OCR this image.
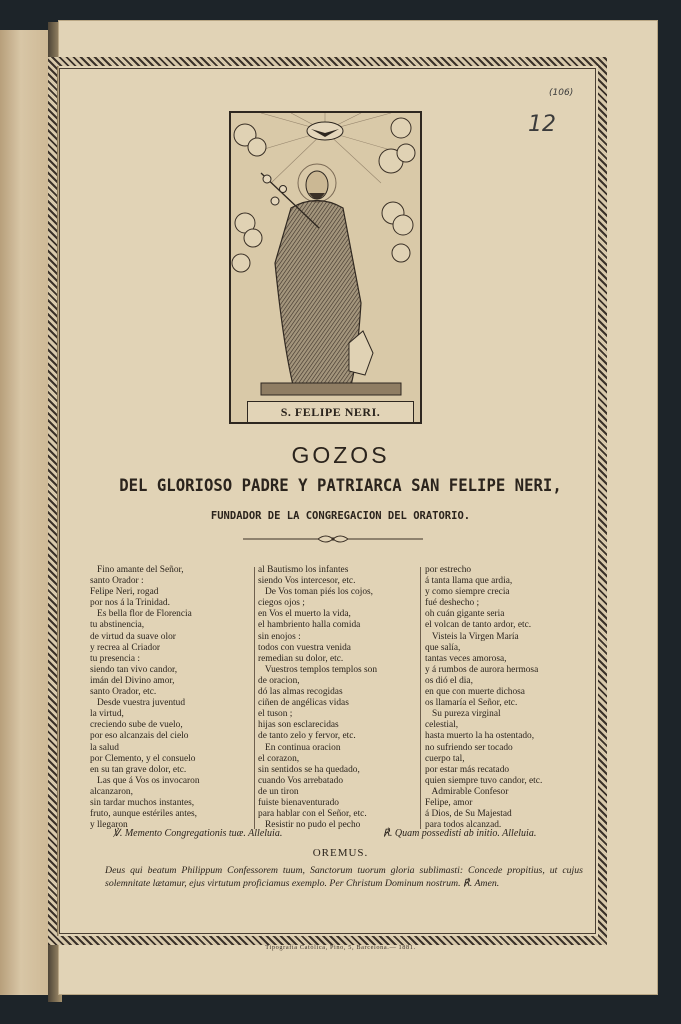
(106)
12
S. FELIPE NERI.
GOZOS
DEL GLORIOSO PADRE Y PATRIARCA SAN FELIPE NERI,
FUNDADOR DE LA CONGREGACION DEL ORATORIO.
Fino amante del Señor,
santo Orador :
Felipe Neri, rogad
por nos á la Trinidad.
Es bella flor de Florencia
tu abstinencia,
de virtud da suave olor
y recrea al Criador
tu presencia :
siendo tan vivo candor,
imán del Divino amor,
santo Orador, etc.
Desde vuestra juventud
la virtud,
creciendo sube de vuelo,
por eso alcanzais del cielo
la salud
por Clemento, y el consuelo
en su tan grave dolor, etc.
Las que á Vos os invocaron
alcanzaron,
sin tardar muchos instantes,
fruto, aunque estériles antes,
y llegaron
al Bautismo los infantes
siendo Vos intercesor, etc.
De Vos toman piés los cojos,
ciegos ojos ;
en Vos el muerto la vida,
el hambriento halla comida
sin enojos :
todos con vuestra venida
remedian su dolor, etc.
Vuestros templos templos son
de oracion,
dó las almas recogidas
ciñen de angélicas vidas
el tuson ;
hijas son esclarecidas
de tanto zelo y fervor, etc.
En continua oracion
el corazon,
sin sentidos se ha quedado,
cuando Vos arrebatado
de un tiron
fuiste bienaventurado
para hablar con el Señor, etc.
Resistir no pudo el pecho
por estrecho
á tanta llama que ardia,
y como siempre crecia
fué deshecho ;
oh cuán gigante seria
el volcan de tanto ardor, etc.
Visteis la Virgen María
que salía,
tantas veces amorosa,
y á rumbos de aurora hermosa
os dió el dia,
en que con muerte dichosa
os llamaría el Señor, etc.
Su pureza virginal
celestial,
hasta muerto la ha ostentado,
no sufriendo ser tocado
cuerpo tal,
por estar más recatado
quien siempre tuvo candor, etc.
Admirable Confesor
Felipe, amor
á Dios, de Su Majestad
para todos alcanzad.
℣. Memento Congregationis tuæ. Alleluia.	℟. Quam possedisti ab initio. Alleluia.
OREMUS.
Deus qui beatum Philippum Confessorem tuum, Sanctorum tuorum gloria sublimasti: Concede propitius, ut cujus solemnitate lætamur, ejus virtutum proficiamus exemplo. Per Christum Dominum nostrum. ℟. Amen.
Tipografía Católica, Pino, 5, Barcelona.— 1881.
